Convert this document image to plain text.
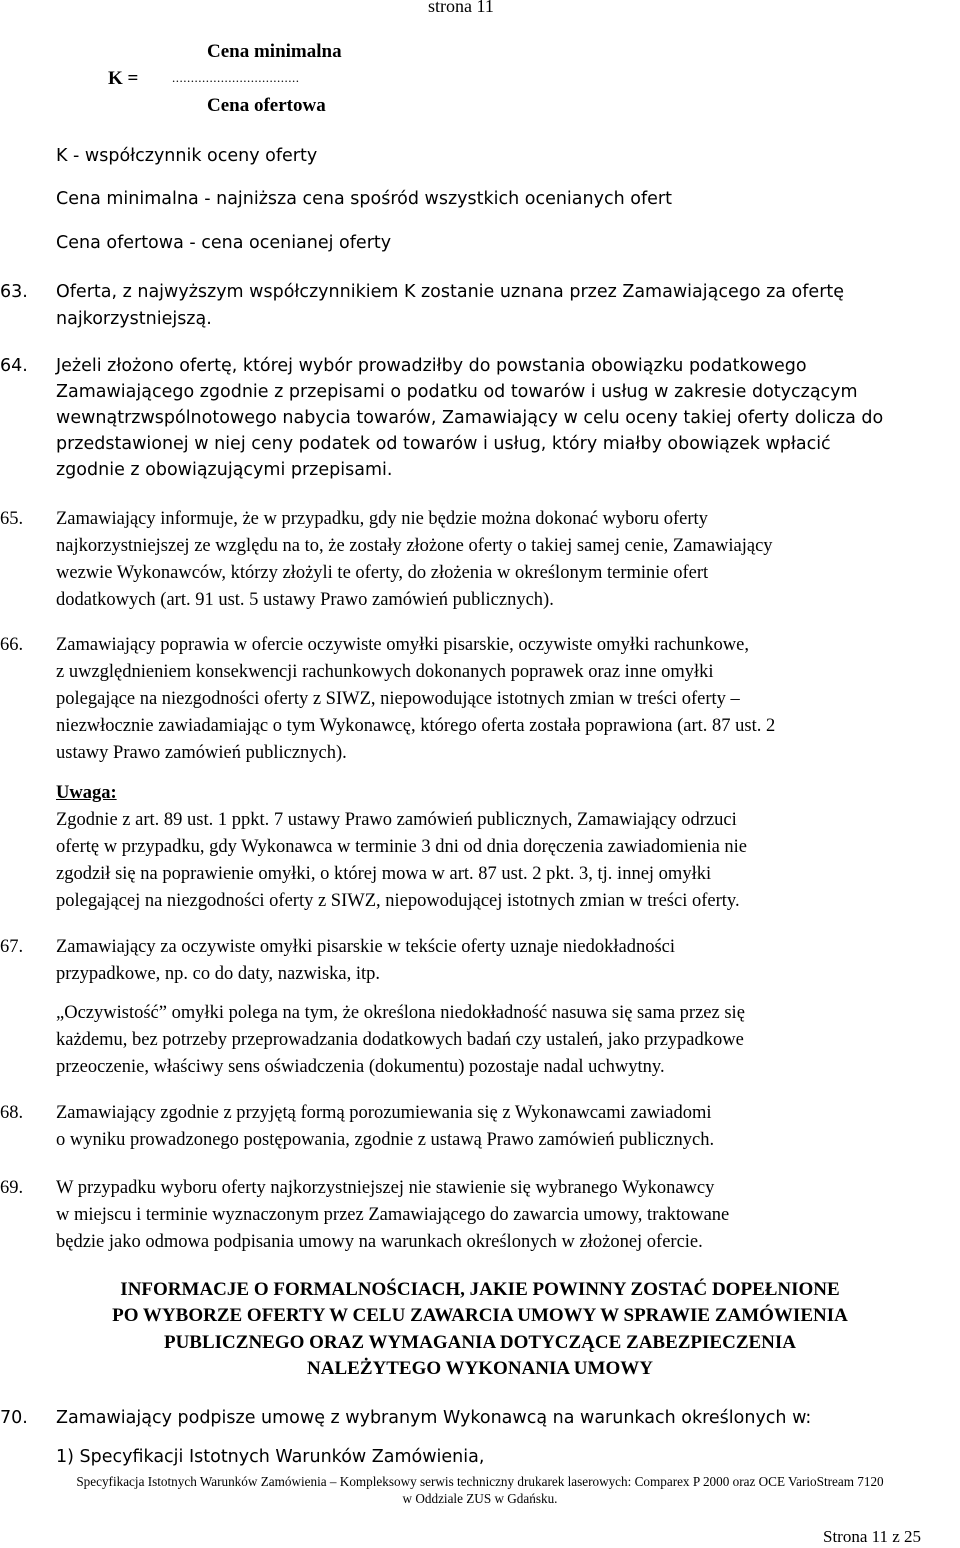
strona 11
K =
Cena minimalna
..................................
Cena ofertowa
K - współczynnik oceny oferty
Cena minimalna - najniższa cena spośród wszystkich ocenianych ofert
Cena ofertowa - cena ocenianej oferty
63. Oferta, z najwyższym współczynnikiem K zostanie uznana przez Zamawiającego za ofertę
najkorzystniejszą.
64. Jeżeli złożono ofertę, której wybór prowadziłby do powstania obowiązku podatkowego
Zamawiającego zgodnie z przepisami o podatku od towarów i usług w zakresie dotyczącym
wewnątrzwspólnotowego nabycia towarów, Zamawiający w celu oceny takiej oferty dolicza do
przedstawionej w niej ceny podatek od towarów i usług, który miałby obowiązek wpłacić
zgodnie z obowiązującymi przepisami.
65. Zamawiający informuje, że w przypadku, gdy nie będzie można dokonać wyboru oferty
najkorzystniejszej ze względu na to, że zostały złożone oferty o takiej samej cenie, Zamawiający
wezwie Wykonawców, którzy złożyli te oferty, do złożenia w określonym terminie ofert
dodatkowych (art. 91 ust. 5 ustawy Prawo zamówień publicznych).
66. Zamawiający poprawia w ofercie oczywiste omyłki pisarskie, oczywiste omyłki rachunkowe,
z uwzględnieniem konsekwencji rachunkowych dokonanych poprawek oraz inne omyłki
polegające na niezgodności oferty z SIWZ, niepowodujące istotnych zmian w treści oferty –
niezwłocznie zawiadamiając o tym Wykonawcę, którego oferta została poprawiona (art. 87 ust. 2
ustawy Prawo zamówień publicznych).
Uwaga:
Zgodnie z art. 89 ust. 1 ppkt. 7 ustawy Prawo zamówień publicznych, Zamawiający odrzuci
ofertę w przypadku, gdy Wykonawca w terminie 3 dni od dnia doręczenia zawiadomienia nie
zgodził się na poprawienie omyłki, o której mowa w art. 87 ust. 2 pkt. 3, tj. innej omyłki
polegającej na niezgodności oferty z SIWZ, niepowodującej istotnych zmian w treści oferty.
67. Zamawiający za oczywiste omyłki pisarskie w tekście oferty uznaje niedokładności
przypadkowe, np. co do daty, nazwiska, itp.
„Oczywistość” omyłki polega na tym, że określona niedokładność nasuwa się sama przez się
każdemu, bez potrzeby przeprowadzania dodatkowych badań czy ustaleń, jako przypadkowe
przeoczenie, właściwy sens oświadczenia (dokumentu) pozostaje nadal uchwytny.
68. Zamawiający zgodnie z przyjętą formą porozumiewania się z Wykonawcami zawiadomi
o wyniku prowadzonego postępowania, zgodnie z ustawą Prawo zamówień publicznych.
69. W przypadku wyboru oferty najkorzystniejszej nie stawienie się wybranego Wykonawcy
w miejscu i terminie wyznaczonym przez Zamawiającego do zawarcia umowy, traktowane
będzie jako odmowa podpisania umowy na warunkach określonych w złożonej ofercie.
INFORMACJE O FORMALNOŚCIACH, JAKIE POWINNY ZOSTAĆ DOPEŁNIONE
PO WYBORZE OFERTY W CELU ZAWARCIA UMOWY W SPRAWIE ZAMÓWIENIA
PUBLICZNEGO ORAZ WYMAGANIA DOTYCZĄCE ZABEZPIECZENIA
NALEŻYTEGO WYKONANIA UMOWY
70. Zamawiający podpisze umowę z wybranym Wykonawcą na warunkach określonych w:
1) Specyfikacji Istotnych Warunków Zamówienia,
Specyfikacja Istotnych Warunków Zamówienia – Kompleksowy serwis techniczny drukarek laserowych: Comparex P 2000 oraz OCE VarioStream 7120
w Oddziale ZUS w Gdańsku.
Strona 11 z 25
